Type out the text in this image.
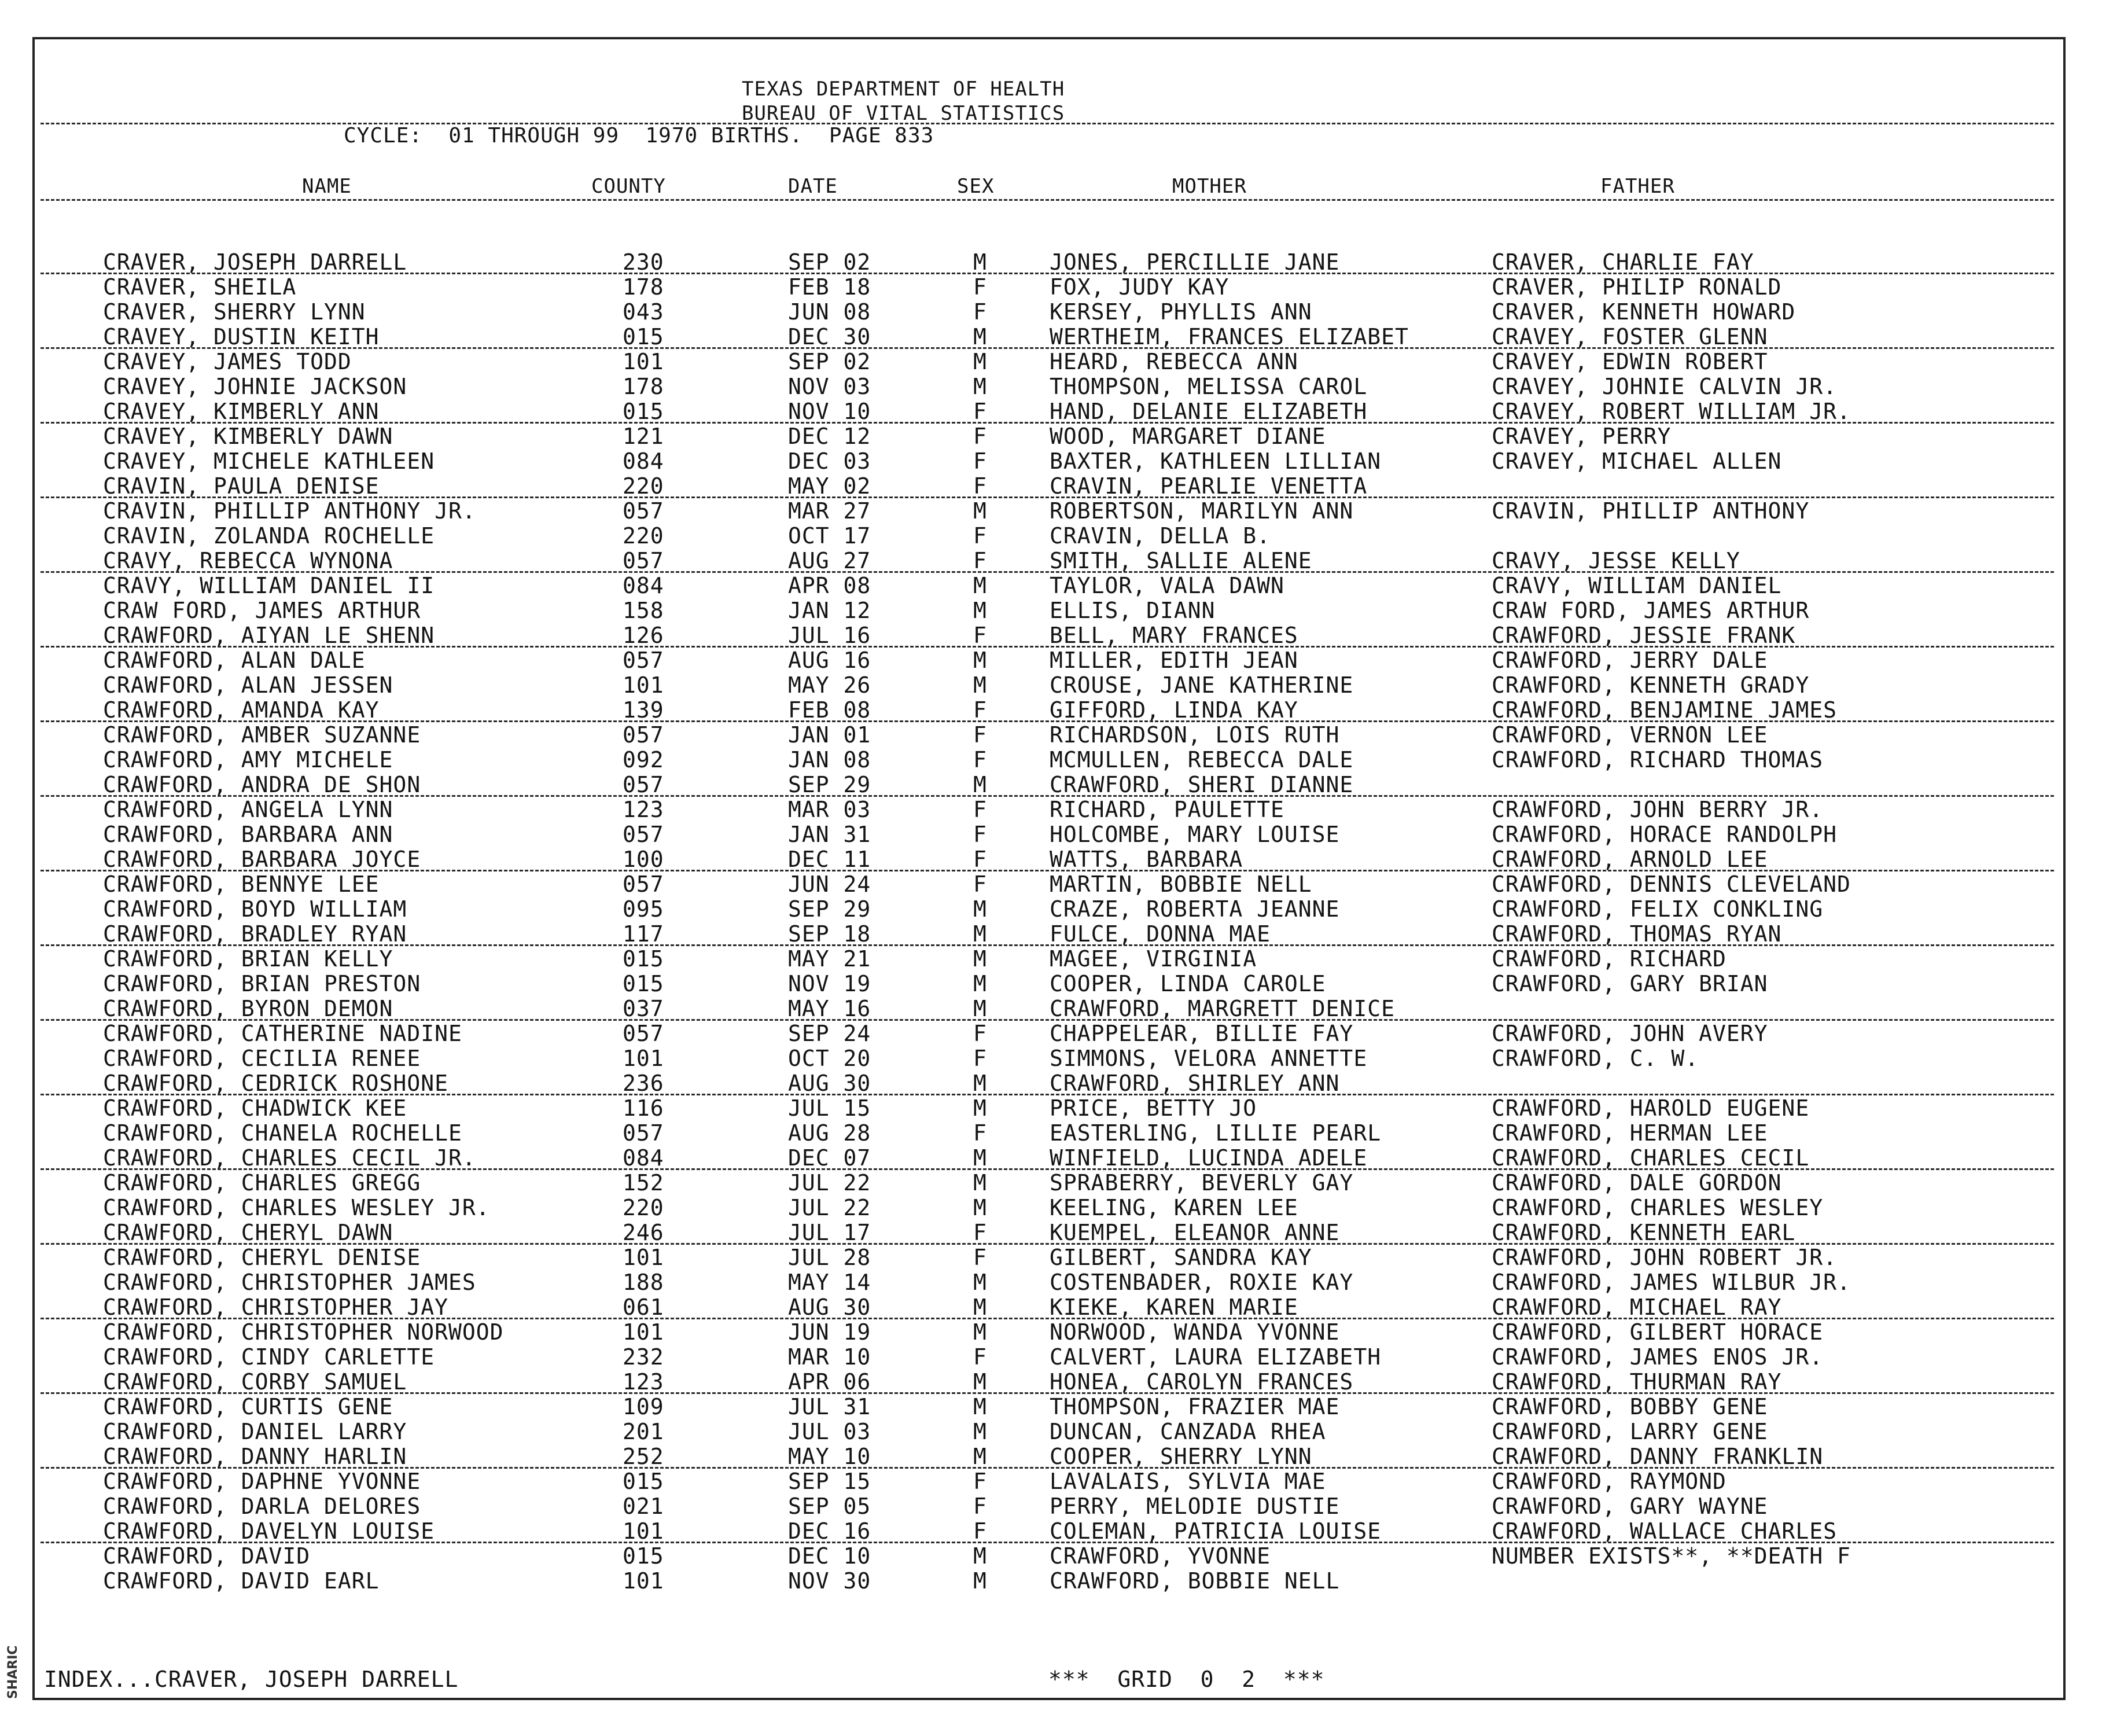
SHARIC
TEXAS DEPARTMENT OF HEALTH
BUREAU OF VITAL STATISTICS
CYCLE:  01 THROUGH 99  1970 BIRTHS.  PAGE 833
NAME	COUNTY	DATE	SEX	MOTHER	FATHER
CRAVER, JOSEPH DARRELL	230	SEP 02	M	JONES, PERCILLIE JANE	CRAVER, CHARLIE FAY
CRAVER, SHEILA	178	FEB 18	F	FOX, JUDY KAY	CRAVER, PHILIP RONALD
CRAVER, SHERRY LYNN	043	JUN 08	F	KERSEY, PHYLLIS ANN	CRAVER, KENNETH HOWARD
CRAVEY, DUSTIN KEITH	015	DEC 30	M	WERTHEIM, FRANCES ELIZABET	CRAVEY, FOSTER GLENN
CRAVEY, JAMES TODD	101	SEP 02	M	HEARD, REBECCA ANN	CRAVEY, EDWIN ROBERT
CRAVEY, JOHNIE JACKSON	178	NOV 03	M	THOMPSON, MELISSA CAROL	CRAVEY, JOHNIE CALVIN JR.
CRAVEY, KIMBERLY ANN	015	NOV 10	F	HAND, DELANIE ELIZABETH	CRAVEY, ROBERT WILLIAM JR.
CRAVEY, KIMBERLY DAWN	121	DEC 12	F	WOOD, MARGARET DIANE	CRAVEY, PERRY
CRAVEY, MICHELE KATHLEEN	084	DEC 03	F	BAXTER, KATHLEEN LILLIAN	CRAVEY, MICHAEL ALLEN
CRAVIN, PAULA DENISE	220	MAY 02	F	CRAVIN, PEARLIE VENETTA
CRAVIN, PHILLIP ANTHONY JR.	057	MAR 27	M	ROBERTSON, MARILYN ANN	CRAVIN, PHILLIP ANTHONY
CRAVIN, ZOLANDA ROCHELLE	220	OCT 17	F	CRAVIN, DELLA B.
CRAVY, REBECCA WYNONA	057	AUG 27	F	SMITH, SALLIE ALENE	CRAVY, JESSE KELLY
CRAVY, WILLIAM DANIEL II	084	APR 08	M	TAYLOR, VALA DAWN	CRAVY, WILLIAM DANIEL
CRAW FORD, JAMES ARTHUR	158	JAN 12	M	ELLIS, DIANN	CRAW FORD, JAMES ARTHUR
CRAWFORD, AIYAN LE SHENN	126	JUL 16	F	BELL, MARY FRANCES	CRAWFORD, JESSIE FRANK
CRAWFORD, ALAN DALE	057	AUG 16	M	MILLER, EDITH JEAN	CRAWFORD, JERRY DALE
CRAWFORD, ALAN JESSEN	101	MAY 26	M	CROUSE, JANE KATHERINE	CRAWFORD, KENNETH GRADY
CRAWFORD, AMANDA KAY	139	FEB 08	F	GIFFORD, LINDA KAY	CRAWFORD, BENJAMINE JAMES
CRAWFORD, AMBER SUZANNE	057	JAN 01	F	RICHARDSON, LOIS RUTH	CRAWFORD, VERNON LEE
CRAWFORD, AMY MICHELE	092	JAN 08	F	MCMULLEN, REBECCA DALE	CRAWFORD, RICHARD THOMAS
CRAWFORD, ANDRA DE SHON	057	SEP 29	M	CRAWFORD, SHERI DIANNE
CRAWFORD, ANGELA LYNN	123	MAR 03	F	RICHARD, PAULETTE	CRAWFORD, JOHN BERRY JR.
CRAWFORD, BARBARA ANN	057	JAN 31	F	HOLCOMBE, MARY LOUISE	CRAWFORD, HORACE RANDOLPH
CRAWFORD, BARBARA JOYCE	100	DEC 11	F	WATTS, BARBARA	CRAWFORD, ARNOLD LEE
CRAWFORD, BENNYE LEE	057	JUN 24	F	MARTIN, BOBBIE NELL	CRAWFORD, DENNIS CLEVELAND
CRAWFORD, BOYD WILLIAM	095	SEP 29	M	CRAZE, ROBERTA JEANNE	CRAWFORD, FELIX CONKLING
CRAWFORD, BRADLEY RYAN	117	SEP 18	M	FULCE, DONNA MAE	CRAWFORD, THOMAS RYAN
CRAWFORD, BRIAN KELLY	015	MAY 21	M	MAGEE, VIRGINIA	CRAWFORD, RICHARD
CRAWFORD, BRIAN PRESTON	015	NOV 19	M	COOPER, LINDA CAROLE	CRAWFORD, GARY BRIAN
CRAWFORD, BYRON DEMON	037	MAY 16	M	CRAWFORD, MARGRETT DENICE
CRAWFORD, CATHERINE NADINE	057	SEP 24	F	CHAPPELEAR, BILLIE FAY	CRAWFORD, JOHN AVERY
CRAWFORD, CECILIA RENEE	101	OCT 20	F	SIMMONS, VELORA ANNETTE	CRAWFORD, C. W.
CRAWFORD, CEDRICK ROSHONE	236	AUG 30	M	CRAWFORD, SHIRLEY ANN
CRAWFORD, CHADWICK KEE	116	JUL 15	M	PRICE, BETTY JO	CRAWFORD, HAROLD EUGENE
CRAWFORD, CHANELA ROCHELLE	057	AUG 28	F	EASTERLING, LILLIE PEARL	CRAWFORD, HERMAN LEE
CRAWFORD, CHARLES CECIL JR.	084	DEC 07	M	WINFIELD, LUCINDA ADELE	CRAWFORD, CHARLES CECIL
CRAWFORD, CHARLES GREGG	152	JUL 22	M	SPRABERRY, BEVERLY GAY	CRAWFORD, DALE GORDON
CRAWFORD, CHARLES WESLEY JR.	220	JUL 22	M	KEELING, KAREN LEE	CRAWFORD, CHARLES WESLEY
CRAWFORD, CHERYL DAWN	246	JUL 17	F	KUEMPEL, ELEANOR ANNE	CRAWFORD, KENNETH EARL
CRAWFORD, CHERYL DENISE	101	JUL 28	F	GILBERT, SANDRA KAY	CRAWFORD, JOHN ROBERT JR.
CRAWFORD, CHRISTOPHER JAMES	188	MAY 14	M	COSTENBADER, ROXIE KAY	CRAWFORD, JAMES WILBUR JR.
CRAWFORD, CHRISTOPHER JAY	061	AUG 30	M	KIEKE, KAREN MARIE	CRAWFORD, MICHAEL RAY
CRAWFORD, CHRISTOPHER NORWOOD	101	JUN 19	M	NORWOOD, WANDA YVONNE	CRAWFORD, GILBERT HORACE
CRAWFORD, CINDY CARLETTE	232	MAR 10	F	CALVERT, LAURA ELIZABETH	CRAWFORD, JAMES ENOS JR.
CRAWFORD, CORBY SAMUEL	123	APR 06	M	HONEA, CAROLYN FRANCES	CRAWFORD, THURMAN RAY
CRAWFORD, CURTIS GENE	109	JUL 31	M	THOMPSON, FRAZIER MAE	CRAWFORD, BOBBY GENE
CRAWFORD, DANIEL LARRY	201	JUL 03	M	DUNCAN, CANZADA RHEA	CRAWFORD, LARRY GENE
CRAWFORD, DANNY HARLIN	252	MAY 10	M	COOPER, SHERRY LYNN	CRAWFORD, DANNY FRANKLIN
CRAWFORD, DAPHNE YVONNE	015	SEP 15	F	LAVALAIS, SYLVIA MAE	CRAWFORD, RAYMOND
CRAWFORD, DARLA DELORES	021	SEP 05	F	PERRY, MELODIE DUSTIE	CRAWFORD, GARY WAYNE
CRAWFORD, DAVELYN LOUISE	101	DEC 16	F	COLEMAN, PATRICIA LOUISE	CRAWFORD, WALLACE CHARLES
CRAWFORD, DAVID	015	DEC 10	M	CRAWFORD, YVONNE	NUMBER EXISTS**, **DEATH F
CRAWFORD, DAVID EARL	101	NOV 30	M	CRAWFORD, BOBBIE NELL
INDEX...CRAVER, JOSEPH DARRELL	***  GRID  0  2  ***
